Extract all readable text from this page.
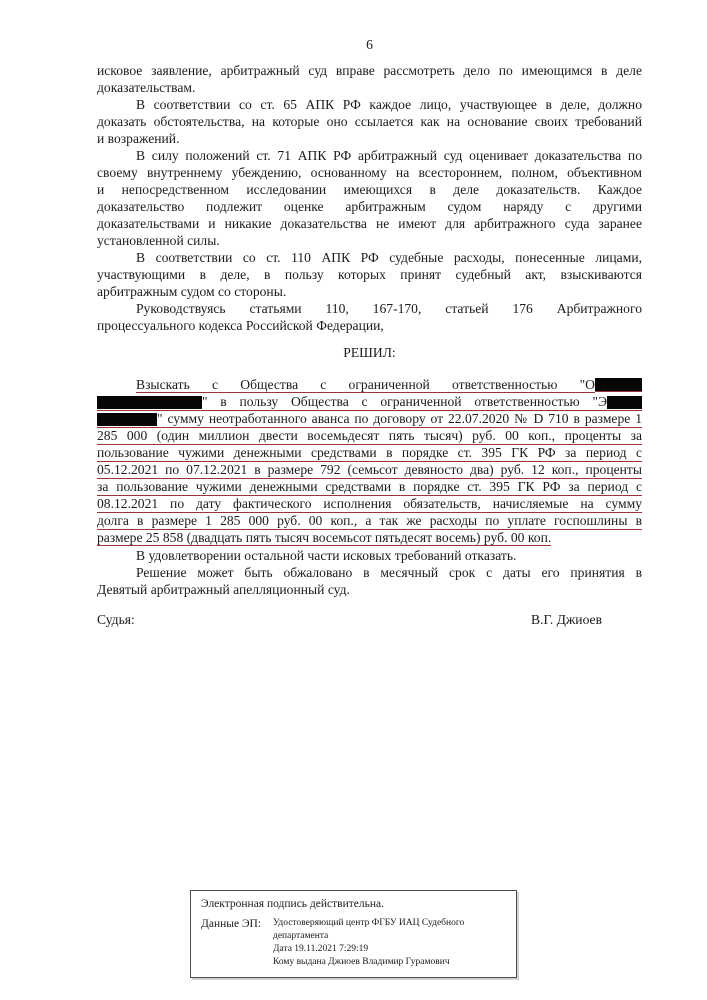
6
исковое заявление, арбитражный суд вправе рассмотреть дело по имеющимся в деле
доказательствам.
В соответствии со ст. 65 АПК РФ каждое лицо, участвующее в деле, должно
доказать обстоятельства, на которые оно ссылается как на основание своих требований
и возражений.
В силу положений ст. 71 АПК РФ арбитражный суд оценивает доказательства по
своему внутреннему убеждению, основанному на всестороннем, полном, объективном
и непосредственном исследовании имеющихся в деле доказательств. Каждое
доказательство подлежит оценке арбитражным судом наряду с другими
доказательствами и никакие доказательства не имеют для арбитражного суда заранее
установленной силы.
В соответствии со ст. 110 АПК РФ судебные расходы, понесенные лицами,
участвующими в деле, в пользу которых принят судебный акт, взыскиваются
арбитражным судом со стороны.
Руководствуясь статьями 110, 167-170, статьей 176 Арбитражного
процессуального кодекса Российской Федерации,
РЕШИЛ:
Взыскать с Общества с ограниченной ответственностью "О
" в пользу Общества с ограниченной ответственностью "Э
" сумму неотработанного аванса по договору от 22.07.2020 № D 710 в размере 1
285 000 (один миллион двести восемьдесят пять тысяч) руб. 00 коп., проценты за
пользование чужими денежными средствами в порядке ст. 395 ГК РФ за период с
05.12.2021 по 07.12.2021 в размере 792 (семьсот девяносто два) руб. 12 коп., проценты
за пользование чужими денежными средствами в порядке ст. 395 ГК РФ за период с
08.12.2021 по дату фактического исполнения обязательств, начисляемые на сумму
долга в размере 1 285 000 руб. 00 коп., а так же расходы по уплате госпошлины в
размере 25 858 (двадцать пять тысяч восемьсот пятьдесят восемь) руб. 00 коп.
В удовлетворении остальной части исковых требований отказать.
Решение может быть обжаловано в месячный срок с даты его принятия в
Девятый арбитражный апелляционный суд.
Судья:	В.Г. Джиоев
Электронная подпись действительна.
Данные ЭП:	Удостоверяющий центр ФГБУ ИАЦ Судебного департамента
Дата 19.11.2021 7:29:19
Кому выдана Джиоев Владимир Гурамович
